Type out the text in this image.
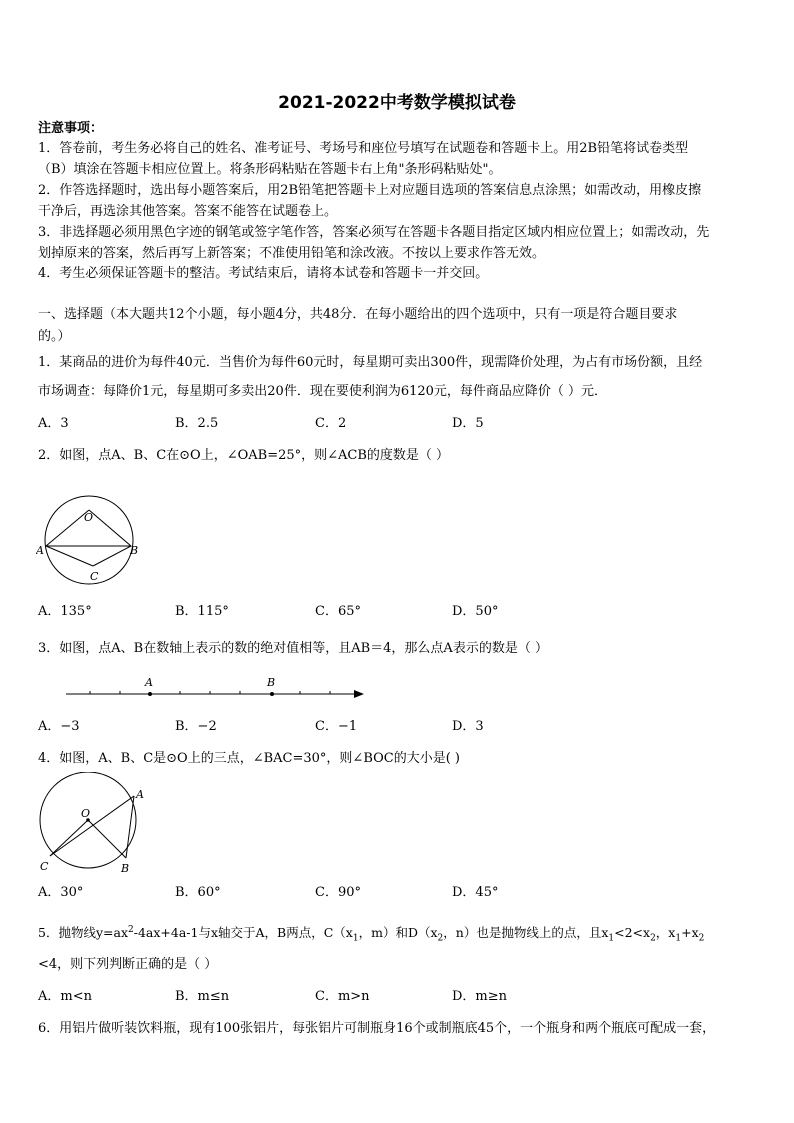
2021-2022中考数学模拟试卷
注意事项：
1．答卷前，考生务必将自己的姓名、准考证号、考场号和座位号填写在试题卷和答题卡上。用2B铅笔将试卷类型
（B）填涂在答题卡相应位置上。将条形码粘贴在答题卡右上角"条形码粘贴处"。
2．作答选择题时，选出每小题答案后，用2B铅笔把答题卡上对应题目选项的答案信息点涂黑；如需改动，用橡皮擦
干净后，再选涂其他答案。答案不能答在试题卷上。
3．非选择题必须用黑色字迹的钢笔或签字笔作答，答案必须写在答题卡各题目指定区域内相应位置上；如需改动，先
划掉原来的答案，然后再写上新答案；不准使用铅笔和涂改液。不按以上要求作答无效。
4．考生必须保证答题卡的整洁。考试结束后，请将本试卷和答题卡一并交回。
一、选择题（本大题共12个小题，每小题4分，共48分．在每小题给出的四个选项中，只有一项是符合题目要求
的。）
1．某商品的进价为每件40元．当售价为每件60元时，每星期可卖出300件，现需降价处理，为占有市场份额，且经
市场调查：每降价1元，每星期可多卖出20件．现在要使利润为6120元，每件商品应降价（ ）元．
A．3	B．2.5	C．2	D．5
2．如图，点A、B、C在⊙O上，∠OAB=25°，则∠ACB的度数是（ ）
O
A	B
C
A．135°	B．115°	C．65°	D．50°
3．如图，点A、B在数轴上表示的数的绝对值相等，且AB＝4，那么点A表示的数是（ ）
A	B
A．−3	B．−2	C．−1	D．3
4．如图，A、B、C是⊙O上的三点，∠BAC=30°，则∠BOC的大小是( )
O
A
B
C
A．30°	B．60°	C．90°	D．45°
5．抛物线$y=ax^2-4ax+4a-1$与x轴交于A，B两点，$C(x_1$，m）和$D(x_2$，n）也是抛物线上的点，且$x_1<2<x_2$，$x_1+x_2$
<4，则下列判断正确的是（ ）
A．m<n	B．m≤n	C．m>n	D．m≥n
6．用铝片做听装饮料瓶，现有100张铝片，每张铝片可制瓶身16个或制瓶底45个，一个瓶身和两个瓶底可配成一套，
